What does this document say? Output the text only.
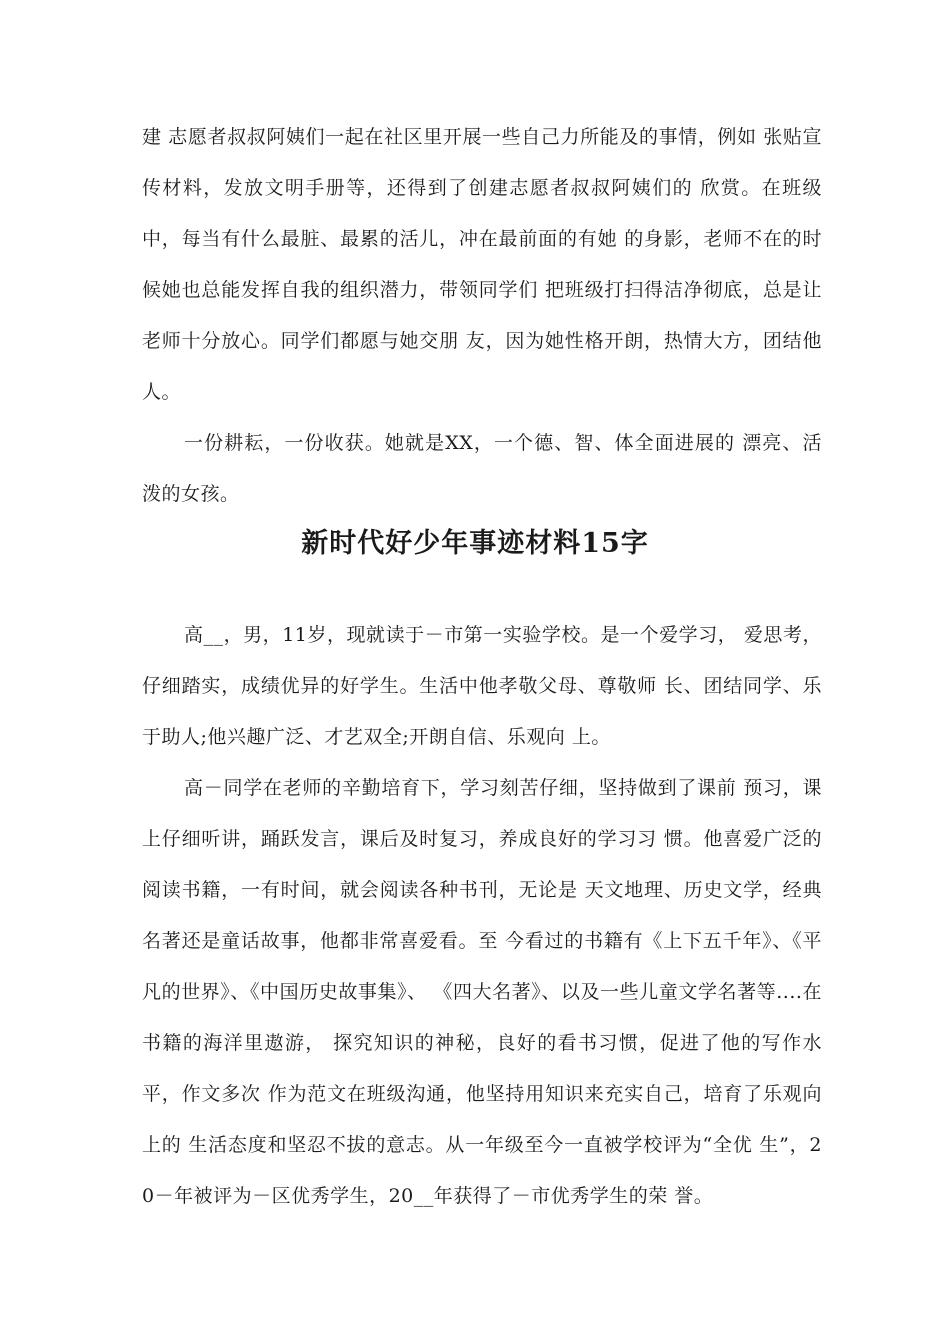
建 志愿者叔叔阿姨们一起在社区里开展一些自己力所能及的事情，例如 张贴宣传材料，发放文明手册等，还得到了创建志愿者叔叔阿姨们的 欣赏。在班级中，每当有什么最脏、最累的活儿，冲在最前面的有她 的身影，老师不在的时候她也总能发挥自我的组织潜力，带领同学们 把班级打扫得洁净彻底，总是让老师十分放心。同学们都愿与她交朋 友，因为她性格开朗，热情大方，团结他人。

一份耕耘，一份收获。她就是XX，一个德、智、体全面进展的 漂亮、活泼的女孩。

新时代好少年事迹材料15字

高__，男，11岁，现就读于－市第一实验学校。是一个爱学习， 爱思考，仔细踏实，成绩优异的好学生。生活中他孝敬父母、尊敬师 长、团结同学、乐于助人;他兴趣广泛、才艺双全;开朗自信、乐观向 上。

高－同学在老师的辛勤培育下，学习刻苦仔细，坚持做到了课前 预习，课上仔细听讲，踊跃发言，课后及时复习，养成良好的学习习 惯。他喜爱广泛的阅读书籍，一有时间，就会阅读各种书刊，无论是 天文地理、历史文学，经典名著还是童话故事，他都非常喜爱看。至 今看过的书籍有《上下五千年》、《平凡的世界》、《中国历史故事集》、 《四大名著》、以及一些儿童文学名著等....在书籍的海洋里遨游， 探究知识的神秘，良好的看书习惯，促进了他的写作水平，作文多次 作为范文在班级沟通，他坚持用知识来充实自己，培育了乐观向上的 生活态度和坚忍不拔的意志。从一年级至今一直被学校评为“全优 生”，20－年被评为－区优秀学生，20__年获得了－市优秀学生的荣 誉。
